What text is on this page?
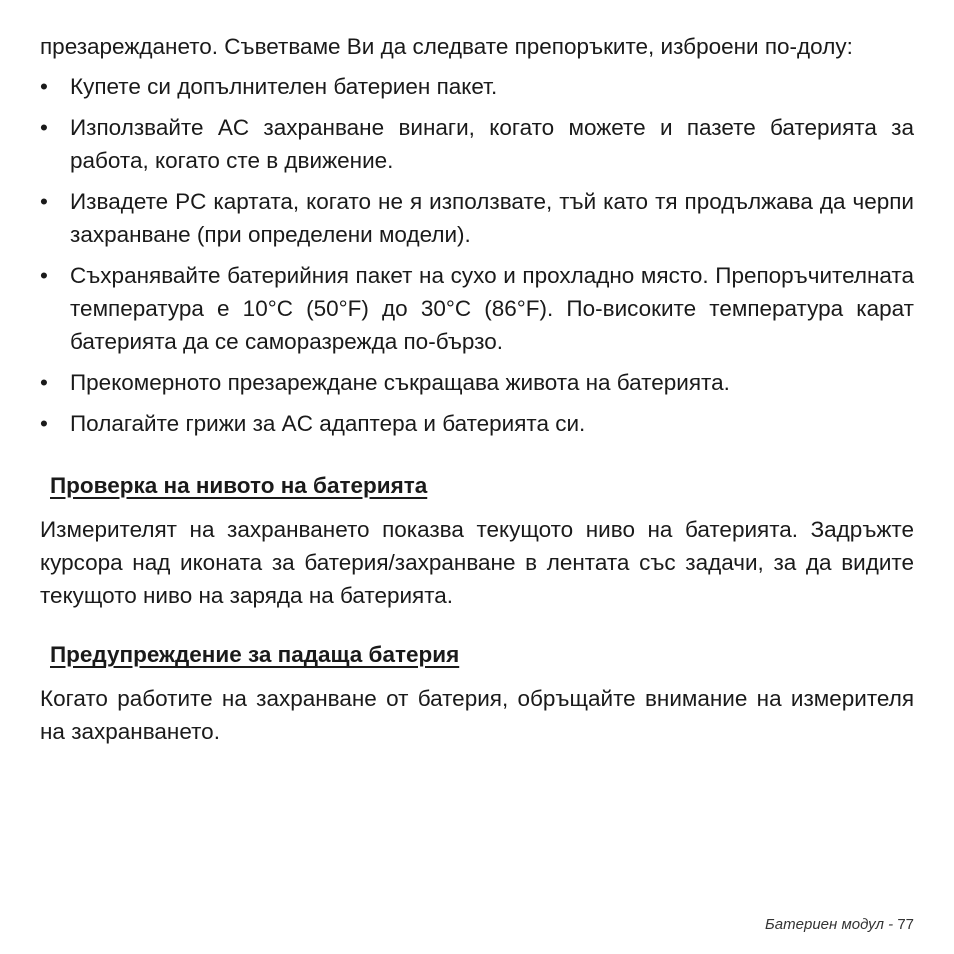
презареждането. Съветваме Ви да следвате препоръките, изброени по-долу:

• Купете си допълнителен батериен пакет.
• Използвайте AC захранване винаги, когато можете и пазете батерията за работа, когато сте в движение.
• Извадете PC картата, когато не я използвате, тъй като тя продължава да черпи захранване (при определени модели).
• Съхранявайте батерийния пакет на сухо и прохладно място. Препоръчителната температура е 10°C (50°F) до 30°C (86°F). По-високите температура карат батерията да се саморазрежда по-бързо.
• Прекомерното презареждане съкращава живота на батерията.
• Полагайте грижи за AC адаптера и батерията си.
Проверка на нивото на батерията

Измерителят на захранването показва текущото ниво на батерията. Задръжте курсора над иконата за батерия/захранване в лентата със задачи, за да видите текущото ниво на заряда на батерията.

Предупреждение за падаща батерия

Когато работите на захранване от батерия, обръщайте внимание на измерителя на захранването.

Батериен модул - 77
